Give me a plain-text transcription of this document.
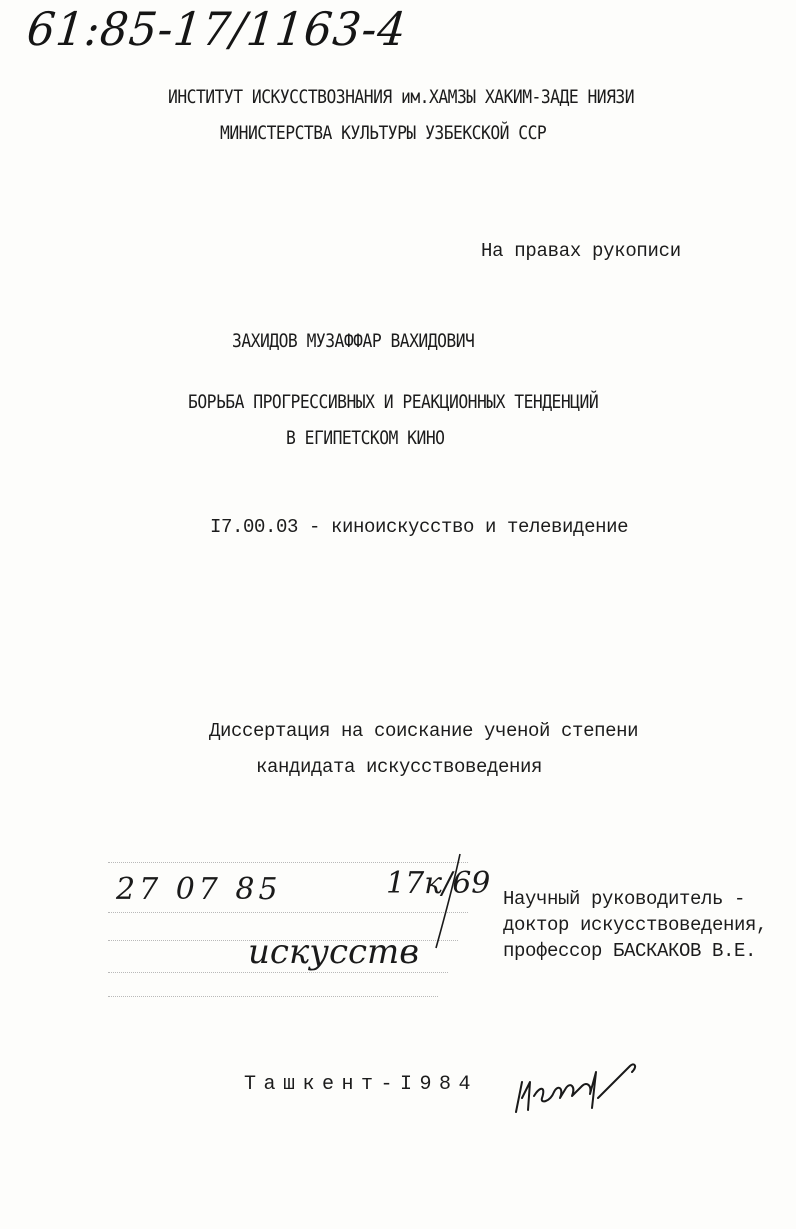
61:85-17/1163-4
ИНСТИТУТ ИСКУССТВОЗНАНИЯ им.ХАМЗЫ ХАКИМ-ЗАДЕ НИЯЗИ
МИНИСТЕРСТВА КУЛЬТУРЫ УЗБЕКСКОЙ ССР
На правах рукописи
ЗАХИДОВ МУЗАФФАР ВАХИДОВИЧ
БОРЬБА ПРОГРЕССИВНЫХ И РЕАКЦИОННЫХ ТЕНДЕНЦИЙ
В ЕГИПЕТСКОМ КИНО
I7.00.03 - киноискусство и телевидение
Диссертация на соискание ученой степени
кандидата искусствоведения
27 07 85	17к/69
искусств
Научный руководитель -
доктор искусствоведения,
профессор БАСКАКОВ В.Е.
Ташкент-I984
